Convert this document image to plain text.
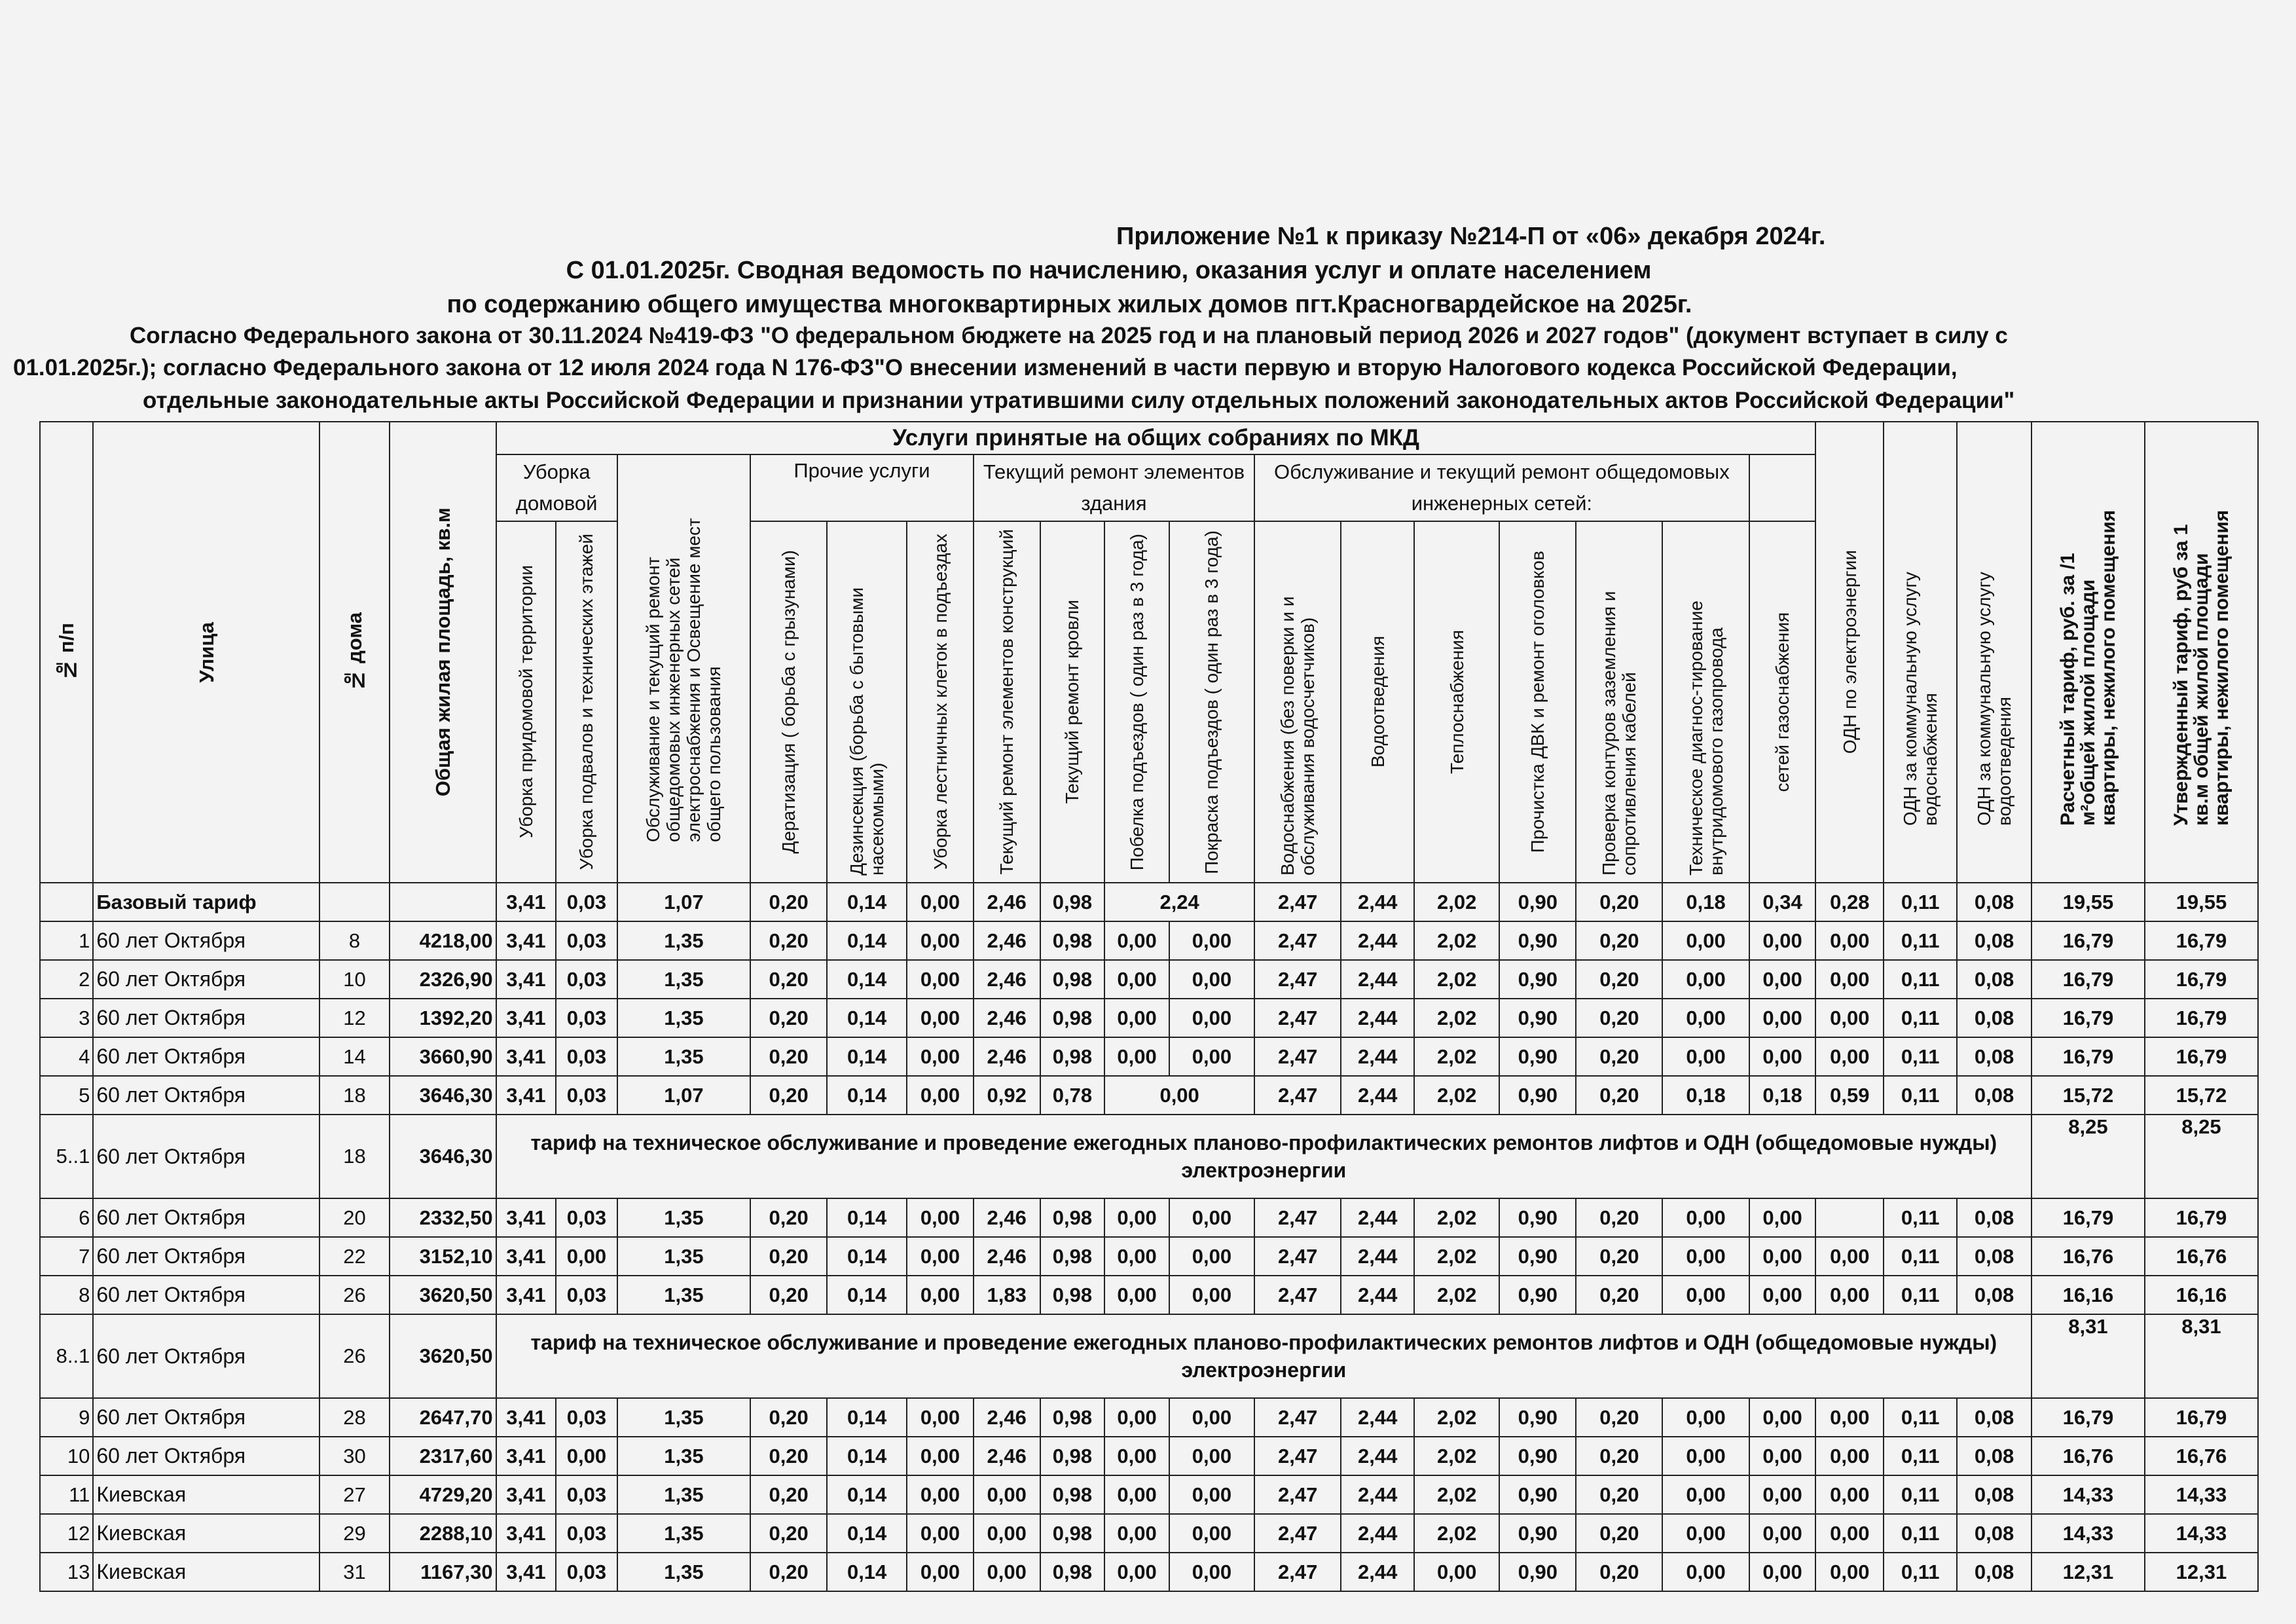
Приложение №1 к приказу №214-П от «06» декабря 2024г.
С 01.01.2025г. Сводная ведомость по начислению, оказания услуг и оплате населением
по содержанию общего имущества многоквартирных жилых домов пгт.Красногвардейское на 2025г.
Согласно Федерального закона от 30.11.2024 №419-ФЗ "О федеральном бюджете на 2025 год и на плановый период 2026 и 2027 годов" (документ вступает в силу с
01.01.2025г.); согласно Федерального закона от 12 июля 2024 года N 176-ФЗ"О внесении изменений в части первую и вторую Налогового кодекса Российской Федерации,
отдельные законодательные акты Российской Федерации и признании утратившими силу отдельных положений законодательных актов Российской Федерации"
№ п/п	Улица	№ дома	Общая жилая площадь, кв.м	Услуги принятые на общих собраниях по МКД																	ОДН по электроэнергии	ОДН за коммунальную услугу водоснабжения	ОДН за коммунальную услугу водоотведения	Расчетный тариф, руб. за /1 м²общей жилой площади квартиры, нежилого помещения	Утвержденный тариф, руб за 1 кв.м общей жилой площади квартиры, нежилого помещения

				Уборка домовой		Обслуживание и текущий ремонт общедомовых инженерных сетей электроснабжения и Освещение мест общего пользования	Прочие услуги			Текущий ремонт элементов здания				Обслуживание и текущий ремонт общедомовых инженерных сетей:											

				Уборка придомовой территории	Уборка подвалов и технических этажей		Дератизация ( борьба с грызунами)	Дезинсекция (борьба с бытовыми насекомыми)	Уборка лестничных клеток в подъездах	Текущий ремонт элементов конструкций	Текущий ремонт кровли	Побелка подъездов ( один раз в 3 года)	Покраска подъездов ( один раз в 3 года)	Водоснабжения (без поверки и и обслуживания водосчетчиков)	Водоотведения	Теплоснабжения	Прочистка ДВК и ремонт оголовков	Проверка контуров заземления и сопротивления кабелей	Техническое диагнос-тирование внутридомового газопровода	сетей газоснабжения					

	Базовый тариф			3,41	0,03	1,07	0,20	0,14	0,00	2,46	0,98	2,24		2,47	2,44	2,02	0,90	0,20	0,18	0,34	0,28	0,11	0,08	19,55	19,55
1	60 лет Октября	8	4218,00	3,41	0,03	1,35	0,20	0,14	0,00	2,46	0,98	0,00	0,00	2,47	2,44	2,02	0,90	0,20	0,00	0,00	0,00	0,11	0,08	16,79	16,79
2	60 лет Октября	10	2326,90	3,41	0,03	1,35	0,20	0,14	0,00	2,46	0,98	0,00	0,00	2,47	2,44	2,02	0,90	0,20	0,00	0,00	0,00	0,11	0,08	16,79	16,79
3	60 лет Октября	12	1392,20	3,41	0,03	1,35	0,20	0,14	0,00	2,46	0,98	0,00	0,00	2,47	2,44	2,02	0,90	0,20	0,00	0,00	0,00	0,11	0,08	16,79	16,79
4	60 лет Октября	14	3660,90	3,41	0,03	1,35	0,20	0,14	0,00	2,46	0,98	0,00	0,00	2,47	2,44	2,02	0,90	0,20	0,00	0,00	0,00	0,11	0,08	16,79	16,79
5	60 лет Октября	18	3646,30	3,41	0,03	1,07	0,20	0,14	0,00	0,92	0,78	0,00		2,47	2,44	2,02	0,90	0,20	0,18	0,18	0,59	0,11	0,08	15,72	15,72
5..1	60 лет Октября	18	3646,30	тариф на техническое обслуживание и проведение ежегодных планово-профилактических ремонтов лифтов и ОДН (общедомовые нужды) электроэнергии																				8,25	8,25
6	60 лет Октября	20	2332,50	3,41	0,03	1,35	0,20	0,14	0,00	2,46	0,98	0,00	0,00	2,47	2,44	2,02	0,90	0,20	0,00	0,00		0,11	0,08	16,79	16,79
7	60 лет Октября	22	3152,10	3,41	0,00	1,35	0,20	0,14	0,00	2,46	0,98	0,00	0,00	2,47	2,44	2,02	0,90	0,20	0,00	0,00	0,00	0,11	0,08	16,76	16,76
8	60 лет Октября	26	3620,50	3,41	0,03	1,35	0,20	0,14	0,00	1,83	0,98	0,00	0,00	2,47	2,44	2,02	0,90	0,20	0,00	0,00	0,00	0,11	0,08	16,16	16,16
8..1	60 лет Октября	26	3620,50	тариф на техническое обслуживание и проведение ежегодных планово-профилактических ремонтов лифтов и ОДН (общедомовые нужды) электроэнергии																				8,31	8,31
9	60 лет Октября	28	2647,70	3,41	0,03	1,35	0,20	0,14	0,00	2,46	0,98	0,00	0,00	2,47	2,44	2,02	0,90	0,20	0,00	0,00	0,00	0,11	0,08	16,79	16,79
10	60 лет Октября	30	2317,60	3,41	0,00	1,35	0,20	0,14	0,00	2,46	0,98	0,00	0,00	2,47	2,44	2,02	0,90	0,20	0,00	0,00	0,00	0,11	0,08	16,76	16,76
11	Киевская	27	4729,20	3,41	0,03	1,35	0,20	0,14	0,00	0,00	0,98	0,00	0,00	2,47	2,44	2,02	0,90	0,20	0,00	0,00	0,00	0,11	0,08	14,33	14,33
12	Киевская	29	2288,10	3,41	0,03	1,35	0,20	0,14	0,00	0,00	0,98	0,00	0,00	2,47	2,44	2,02	0,90	0,20	0,00	0,00	0,00	0,11	0,08	14,33	14,33
13	Киевская	31	1167,30	3,41	0,03	1,35	0,20	0,14	0,00	0,00	0,98	0,00	0,00	2,47	2,44	0,00	0,90	0,20	0,00	0,00	0,00	0,11	0,08	12,31	12,31
